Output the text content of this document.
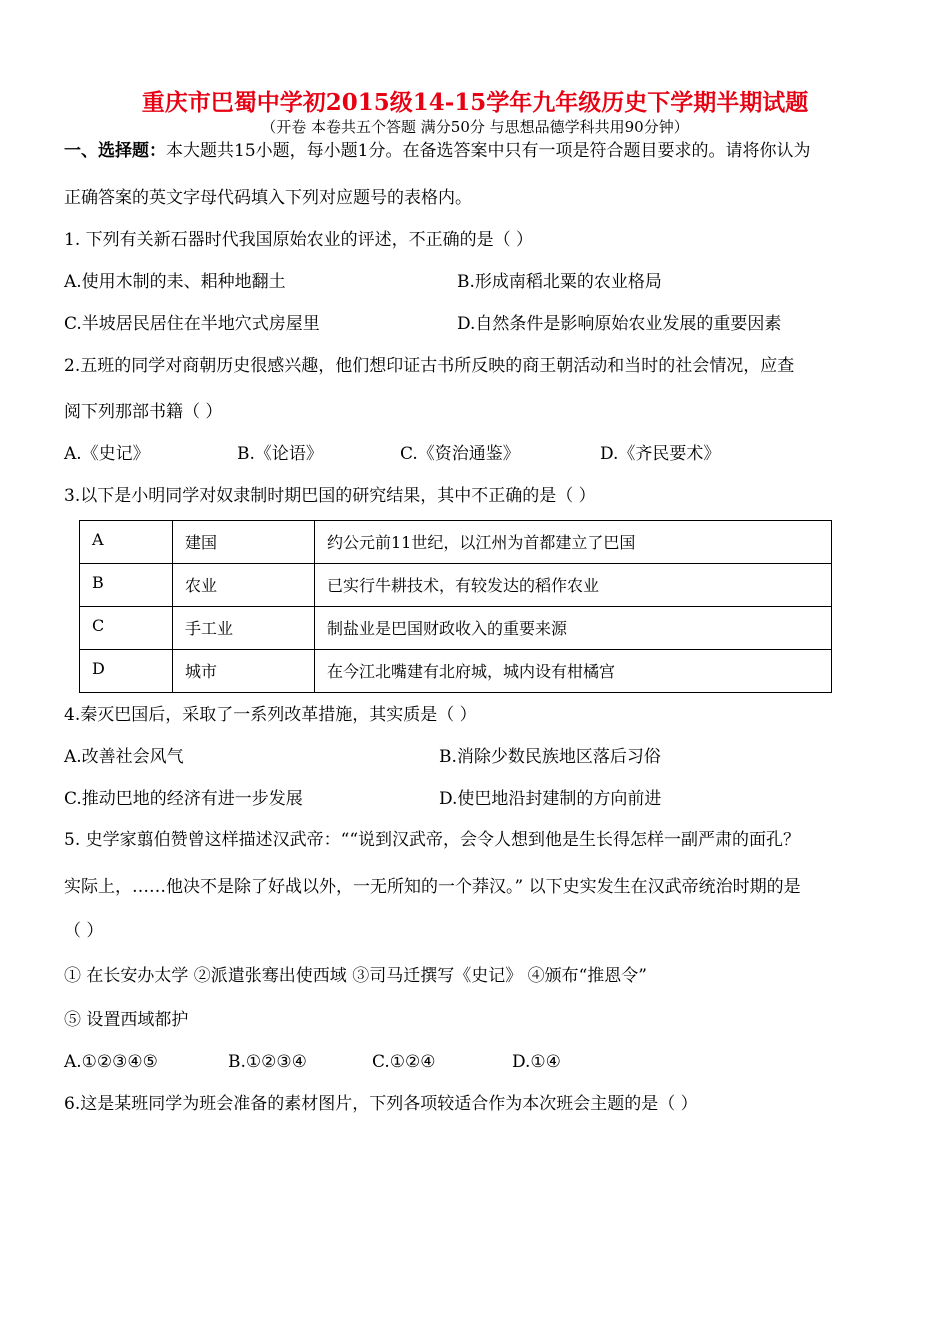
重庆市巴蜀中学初2015级14-15学年九年级历史下学期半期试题
（开卷 本卷共五个答题 满分50分 与思想品德学科共用90分钟）
一、选择题：本大题共15小题，每小题1分。在备选答案中只有一项是符合题目要求的。请将你认为
正确答案的英文字母代码填入下列对应题号的表格内。
1. 下列有关新石器时代我国原始农业的评述，不正确的是（ ）
A.使用木制的耒、耜种地翻土	B.形成南稻北粟的农业格局
C.半坡居民居住在半地穴式房屋里	D.自然条件是影响原始农业发展的重要因素
2.五班的同学对商朝历史很感兴趣，他们想印证古书所反映的商王朝活动和当时的社会情况，应查
阅下列那部书籍（ ）
A.《史记》	B.《论语》	C.《资治通鉴》	D.《齐民要术》
3.以下是小明同学对奴隶制时期巴国的研究结果，其中不正确的是（ ）
A	建国	约公元前11世纪，以江州为首都建立了巴国
B	农业	已实行牛耕技术，有较发达的稻作农业
C	手工业	制盐业是巴国财政收入的重要来源
D	城市	在今江北嘴建有北府城，城内设有柑橘宫
4.秦灭巴国后，采取了一系列改革措施，其实质是（ ）
A.改善社会风气	B.消除少数民族地区落后习俗
C.推动巴地的经济有进一步发展	D.使巴地沿封建制的方向前进
5. 史学家翦伯赞曾这样描述汉武帝：““说到汉武帝，会令人想到他是生长得怎样一副严肃的面孔？
实际上，……他决不是除了好战以外，一无所知的一个莽汉。” 以下史实发生在汉武帝统治时期的是
（ ）
① 在长安办太学 ②派遣张骞出使西域 ③司马迁撰写《史记》 ④颁布“推恩令”
⑤ 设置西域都护
A.①②③④⑤	B.①②③④	C.①②④	D.①④
6.这是某班同学为班会准备的素材图片，下列各项较适合作为本次班会主题的是（ ）
